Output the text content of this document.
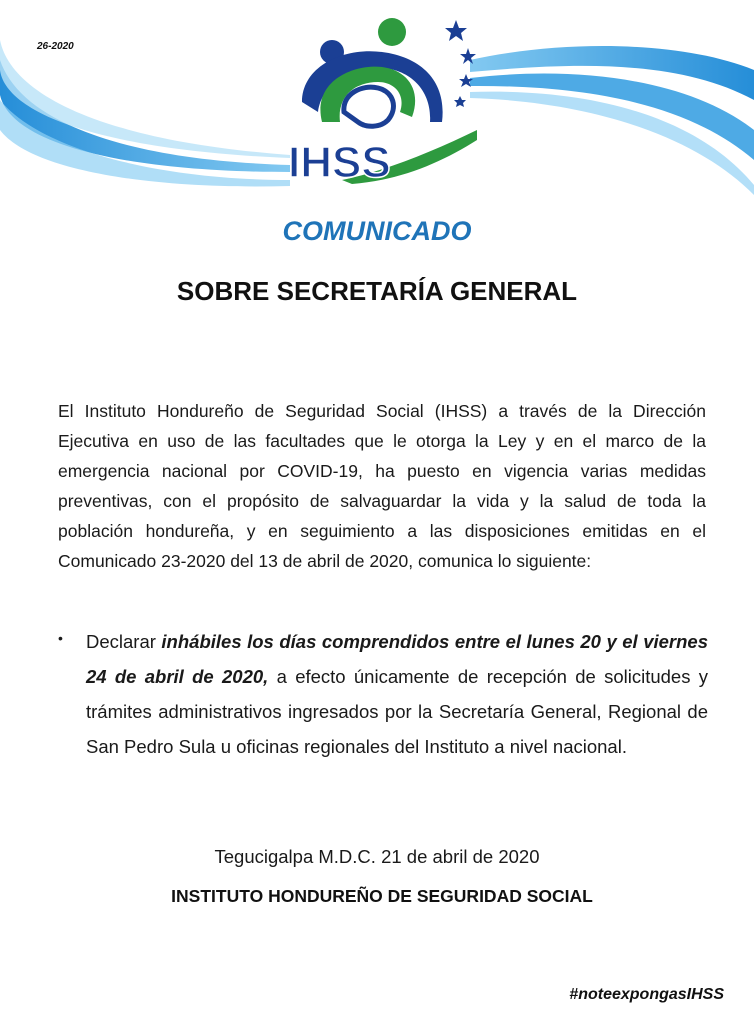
26-2020
IHSS
COMUNICADO
SOBRE SECRETARÍA GENERAL
El Instituto Hondureño de Seguridad Social (IHSS) a través de la Dirección Ejecutiva en uso de las facultades que le otorga la Ley y en el marco de la emergencia nacional por COVID-19, ha puesto en vigencia varias medidas preventivas, con el propósito de salvaguardar la vida y la salud de toda la población hondureña, y en seguimiento a las disposiciones emitidas en el Comunicado 23-2020 del 13 de abril de 2020, comunica lo siguiente:
• Declarar inhábiles los días comprendidos entre el lunes 20 y el viernes 24 de abril de 2020, a efecto únicamente de recepción de solicitudes y trámites administrativos ingresados por la Secretaría General, Regional de San Pedro Sula u oficinas regionales del Instituto a nivel nacional.
Tegucigalpa M.D.C. 21 de abril de 2020
INSTITUTO HONDUREÑO DE SEGURIDAD SOCIAL
#noteexpongasIHSS
